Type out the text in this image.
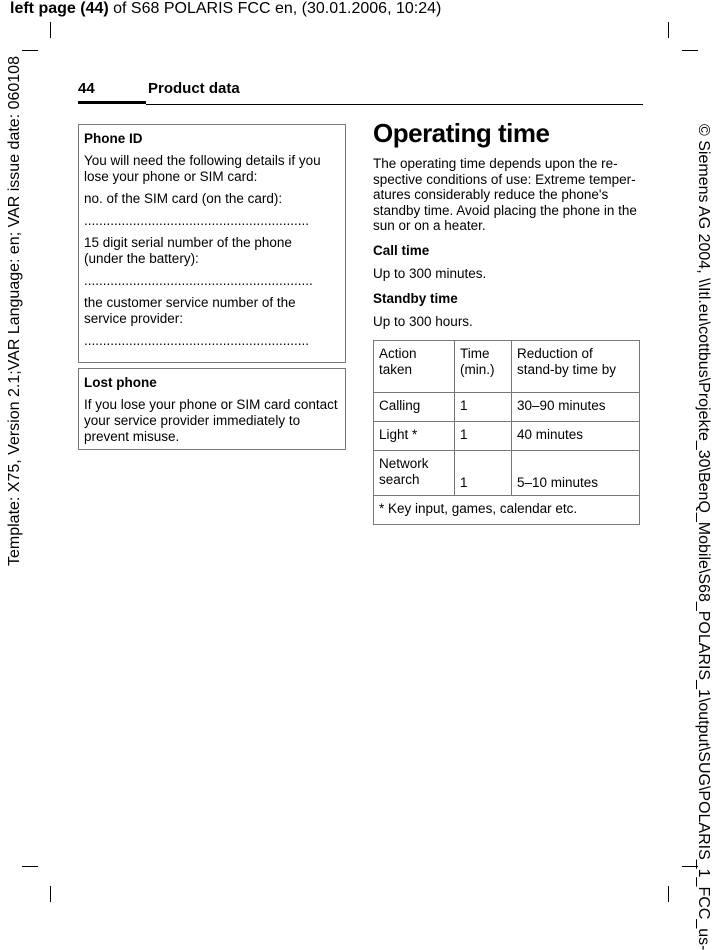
left page (44) of S68 POLARIS FCC en, (30.01.2006, 10:24)
Template: X75, Version 2.1;VAR Language: en; VAR issue date: 060108	© Siemens AG 2004, \\Itl.eu\cottbus\Projekte_30\BenQ_Mobile\S68_POLARIS_1\output\SUG\POLARIS_1_FCC_us-
44	Product data
Phone ID

You will need the following details if you lose your phone or SIM card:

no. of the SIM card (on the card):

............................................................

15 digit serial number of the phone (under the battery):

.............................................................

the customer service number of the service provider:

............................................................

Lost phone

If you lose your phone or SIM card contact your service provider immediately to prevent misuse.

Operating time

The operating time depends upon the re-spective conditions of use: Extreme temper-atures considerably reduce the phone's standby time. Avoid placing the phone in the sun or on a heater.

Call time

Up to 300 minutes.

Standby time

Up to 300 hours.

Action taken	Time (min.)	Reduction of stand-by time by
Calling	1	30–90 minutes
Light *	1	40 minutes
Network search	1	5–10 minutes
* Key input, games, calendar etc.		
